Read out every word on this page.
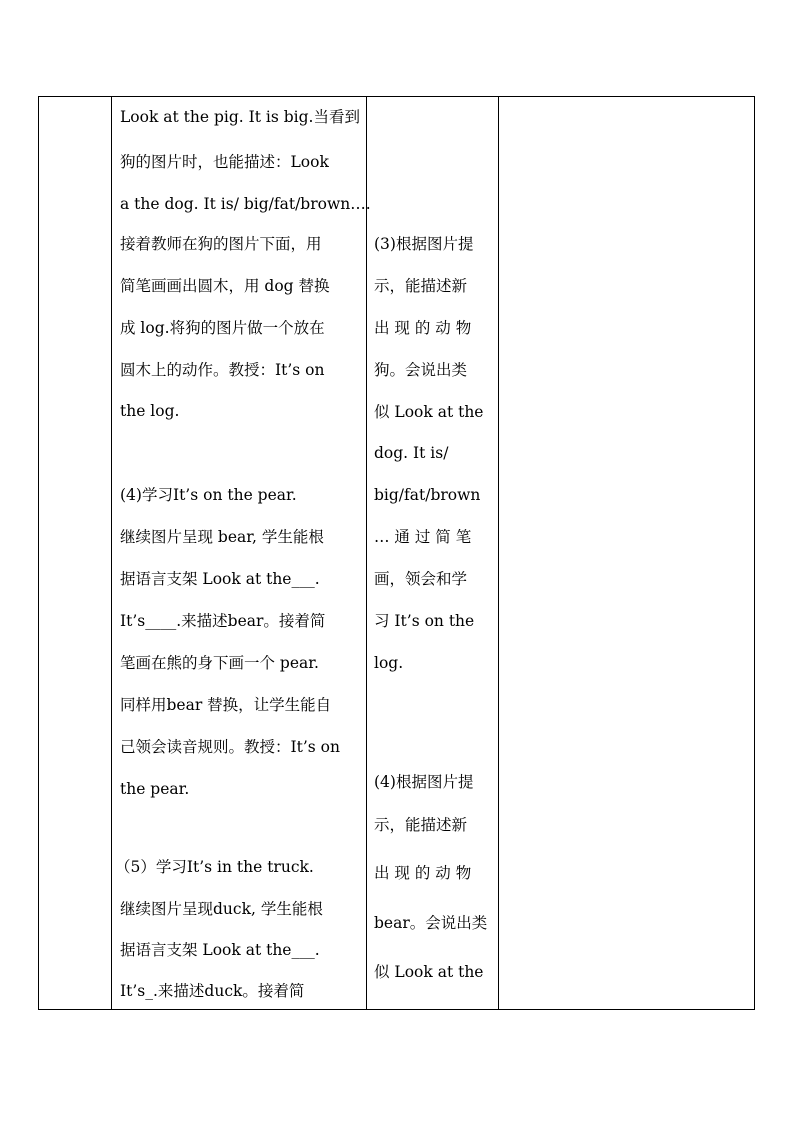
Look at the pig. It is big.当看到
狗的图片时，也能描述：Look
a the dog. It is/ big/fat/brown….
接着教师在狗的图片下面，用
简笔画画出圆木，用 dog 替换
成 log.将狗的图片做一个放在
圆木上的动作。教授：It’s on
the log.
(4)学习It’s on the pear.
继续图片呈现 bear, 学生能根
据语言支架 Look at the___.
It’s____.来描述bear。接着简
笔画在熊的身下画一个 pear.
同样用bear 替换，让学生能自
己领会读音规则。教授：It’s on
the pear.
（5）学习It’s in the truck.
继续图片呈现duck, 学生能根
据语言支架 Look at the___.
It’s_.来描述duck。接着简
(3)根据图片提
示，能描述新
出 现 的 动 物
狗。会说出类
似 Look at the
dog. It is/
big/fat/brown
… 通 过 简 笔
画，领会和学
习 It’s on the
log.
(4)根据图片提
示，能描述新
出 现 的 动 物
bear。会说出类
似 Look at the
